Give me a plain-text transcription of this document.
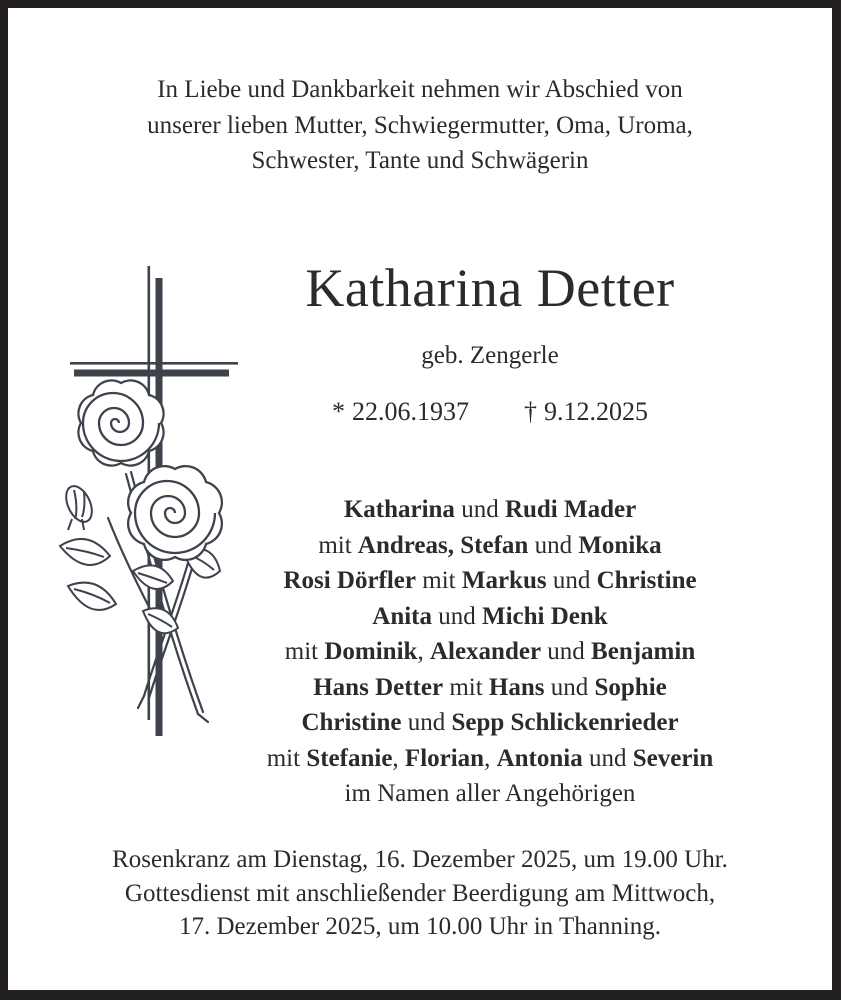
In Liebe und Dankbarkeit nehmen wir Abschied von
unserer lieben Mutter, Schwiegermutter, Oma, Uroma,
Schwester, Tante und Schwägerin
Katharina Detter
geb. Zengerle
* 22.06.1937 † 9.12.2025
Katharina und Rudi Mader
mit Andreas, Stefan und Monika
Rosi Dörfler mit Markus und Christine
Anita und Michi Denk
mit Dominik, Alexander und Benjamin
Hans Detter mit Hans und Sophie
Christine und Sepp Schlickenrieder
mit Stefanie, Florian, Antonia und Severin
im Namen aller Angehörigen
Rosenkranz am Dienstag, 16. Dezember 2025, um 19.00 Uhr.
Gottesdienst mit anschließender Beerdigung am Mittwoch,
17. Dezember 2025, um 10.00 Uhr in Thanning.
